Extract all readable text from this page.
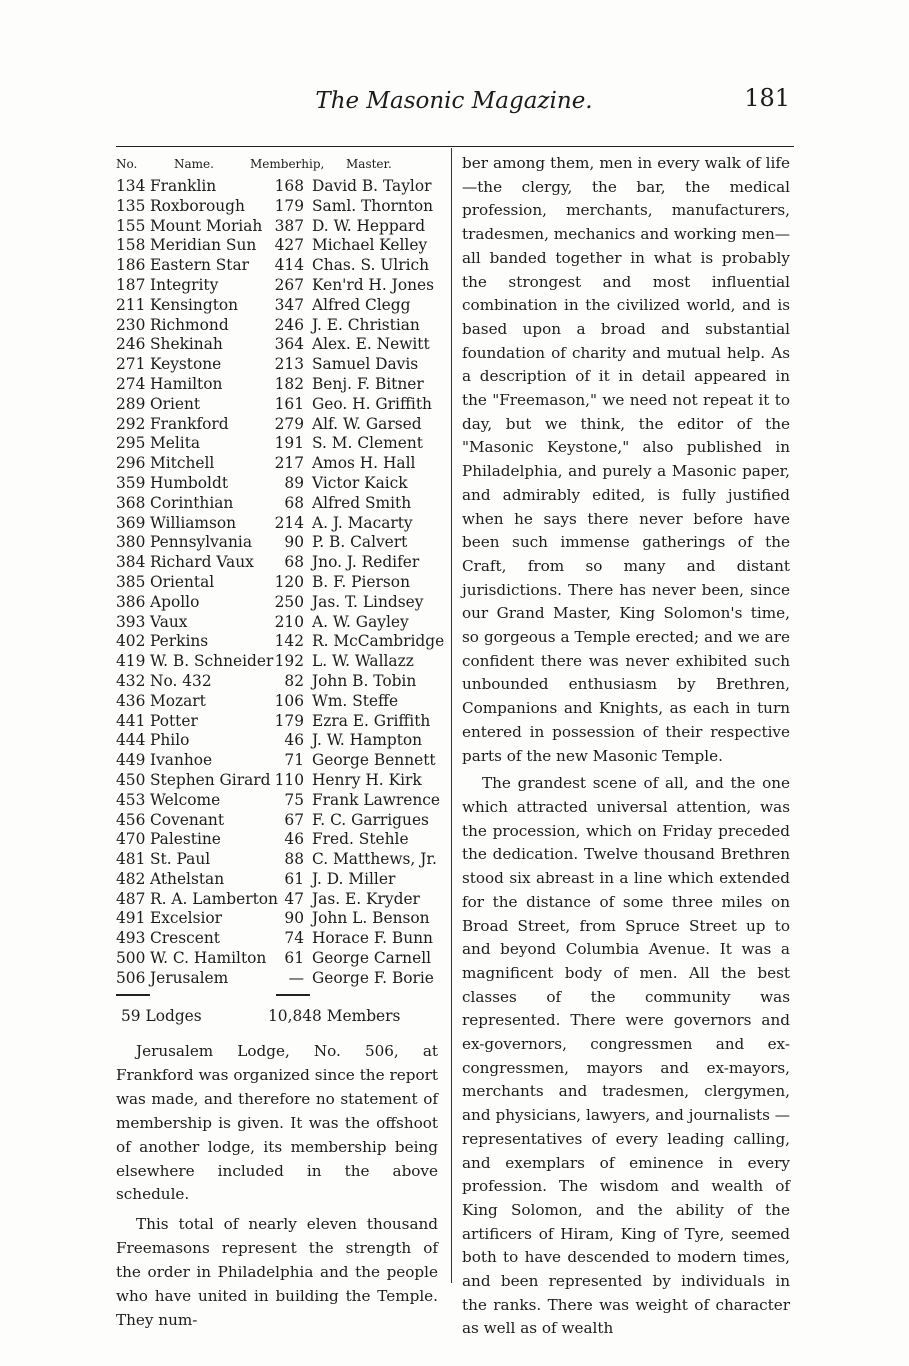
The Masonic Magazine.	181
No.	Name.	Memberhip, Master.
134 Franklin	168 David B. Taylor
135 Roxborough	179 Saml. Thornton
155 Mount Moriah 387 D. W. Heppard
158 Meridian Sun	427 Michael Kelley
186 Eastern Star	414 Chas. S. Ulrich
187 Integrity	267 Ken'rd H. Jones
211 Kensington	347 Alfred Clegg
230 Richmond	246 J. E. Christian
246 Shekinah	364 Alex. E. Newitt
271 Keystone	213 Samuel Davis
274 Hamilton	182 Benj. F. Bitner
289 Orient	161 Geo. H. Griffith
292 Frankford	279 Alf. W. Garsed
295 Melita	191 S. M. Clement
296 Mitchell	217 Amos H. Hall
359 Humboldt	89 Victor Kaick
368 Corinthian	68 Alfred Smith
369 Williamson	214 A. J. Macarty
380 Pennsylvania	90 P. B. Calvert
384 Richard Vaux	68 Jno. J. Redifer
385 Oriental	120 B. F. Pierson
386 Apollo	250 Jas. T. Lindsey
393 Vaux	210 A. W. Gayley
402 Perkins	142 R. McCambridge
419 W. B. Schneider 192 L. W. Wallazz
432 No. 432	82 John B. Tobin
436 Mozart	106 Wm. Steffe
441 Potter	179 Ezra E. Griffith
444 Philo	46 J. W. Hampton
449 Ivanhoe	71 George Bennett
450 Stephen Girard 110 Henry H. Kirk
453 Welcome	75 Frank Lawrence
456 Covenant	67 F. C. Garrigues
470 Palestine	46 Fred. Stehle
481 St. Paul	88 C. Matthews, Jr.
482 Athelstan	61 J. D. Miller
487 R. A. Lamberton 47 Jas. E. Kryder
491 Excelsior	90 John L. Benson
493 Crescent	74 Horace F. Bunn
500 W. C. Hamilton	61 George Carnell
506 Jerusalem	— George F. Borie
59 Lodges	10,848 Members

Jerusalem Lodge, No. 506, at Frankford was organized since the report was made, and therefore no statement of membership is given. It was the offshoot of another lodge, its membership being elsewhere included in the above schedule.

This total of nearly eleven thousand Freemasons represent the strength of the order in Philadelphia and the people who have united in building the Temple. They num-

ber among them, men in every walk of life —the clergy, the bar, the medical profession, merchants, manufacturers, tradesmen, mechanics and working men—all banded together in what is probably the strongest and most influential combination in the civilized world, and is based upon a broad and substantial foundation of charity and mutual help. As a description of it in detail appeared in the "Freemason," we need not repeat it to day, but we think, the editor of the "Masonic Keystone," also published in Philadelphia, and purely a Masonic paper, and admirably edited, is fully justified when he says there never before have been such immense gatherings of the Craft, from so many and distant jurisdictions. There has never been, since our Grand Master, King Solomon's time, so gorgeous a Temple erected; and we are confident there was never exhibited such unbounded enthusiasm by Brethren, Companions and Knights, as each in turn entered in possession of their respective parts of the new Masonic Temple.

The grandest scene of all, and the one which attracted universal attention, was the procession, which on Friday preceded the dedication. Twelve thousand Brethren stood six abreast in a line which extended for the distance of some three miles on Broad Street, from Spruce Street up to and beyond Columbia Avenue. It was a magnificent body of men. All the best classes of the community was represented. There were governors and ex-governors, congressmen and ex-congressmen, mayors and ex-mayors, merchants and tradesmen, clergymen, and physicians, lawyers, and journalists —representatives of every leading calling, and exemplars of eminence in every profession. The wisdom and wealth of King Solomon, and the ability of the artificers of Hiram, King of Tyre, seemed both to have descended to modern times, and been represented by individuals in the ranks. There was weight of character as well as of wealth
